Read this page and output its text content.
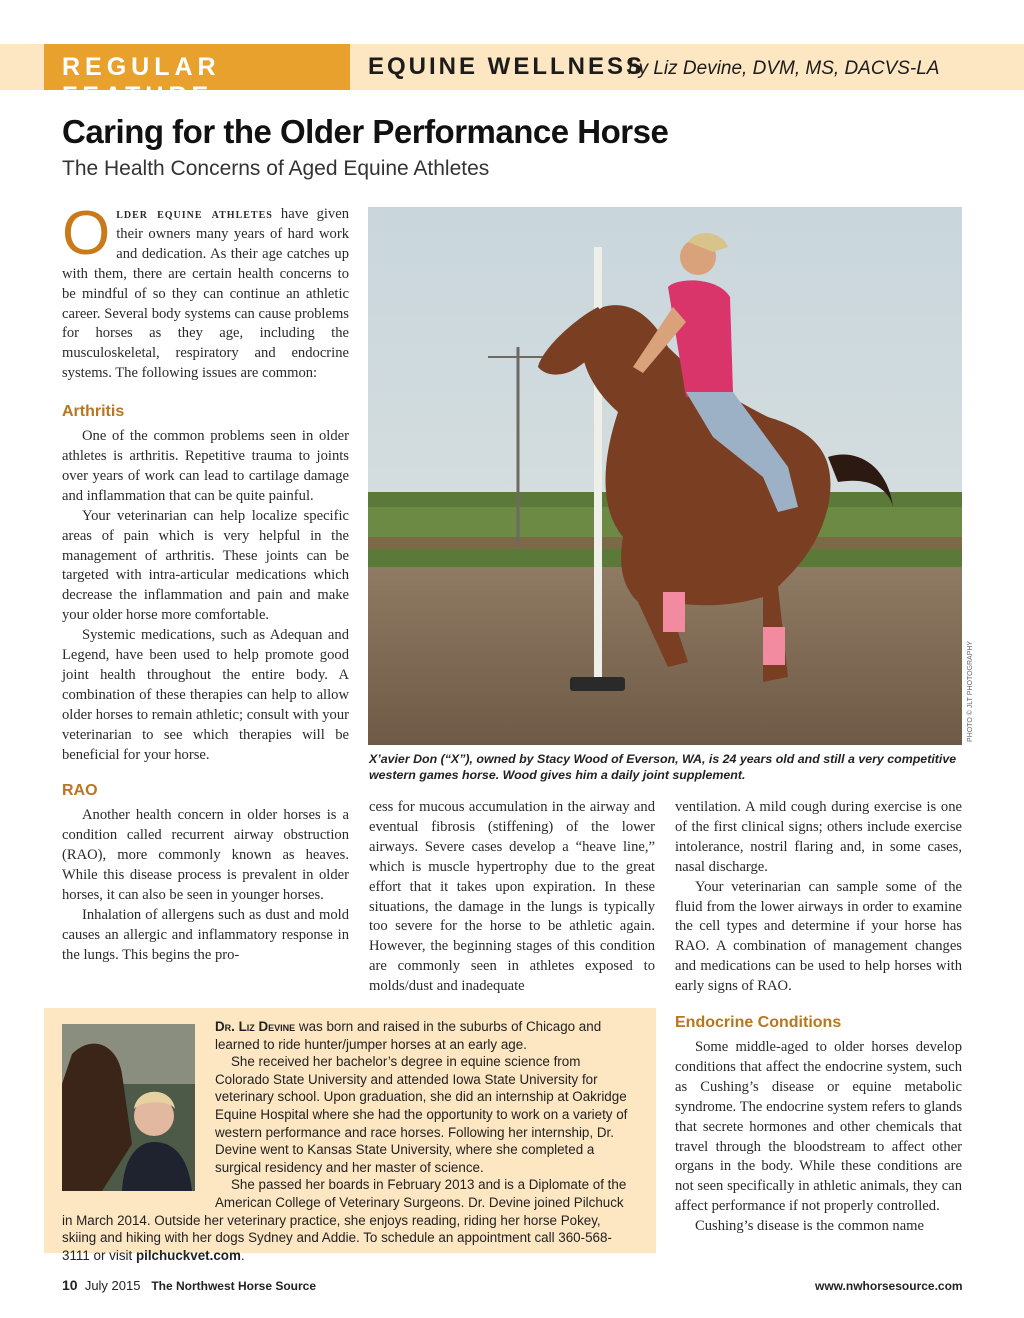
REGULAR FEATURE
EQUINE WELLNESS
by Liz Devine, DVM, MS, DACVS-LA
Caring for the Older Performance Horse
The Health Concerns of Aged Equine Athletes

Older equine athletes have given their owners many years of hard work and dedication. As their age catches up with them, there are certain health concerns to be mindful of so they can continue an athletic career. Several body systems can cause problems for horses as they age, including the musculoskeletal, respiratory and endocrine systems. The following issues are common:

Arthritis

One of the common problems seen in older athletes is arthritis. Repetitive trauma to joints over years of work can lead to cartilage damage and inflammation that can be quite painful.

Your veterinarian can help localize specific areas of pain which is very helpful in the management of arthritis. These joints can be targeted with intra-articular medications which decrease the inflammation and pain and make your older horse more comfortable.

Systemic medications, such as Adequan and Legend, have been used to help promote good joint health throughout the entire body. A combination of these therapies can help to allow older horses to remain athletic; consult with your veterinarian to see which therapies will be beneficial for your horse.

RAO

Another health concern in older horses is a condition called recurrent airway obstruction (RAO), more commonly known as heaves. While this disease process is prevalent in older horses, it can also be seen in younger horses.

Inhalation of allergens such as dust and mold causes an allergic and inflammatory response in the lungs. This begins the pro-

PHOTO © JLT PHOTOGRAPHY
X’avier Don (“X”), owned by Stacy Wood of Everson, WA, is 24 years old and still a very competitive western games horse. Wood gives him a daily joint supplement.

cess for mucous accumulation in the airway and eventual fibrosis (stiffening) of the lower airways. Severe cases develop a “heave line,” which is muscle hypertrophy due to the great effort that it takes upon expiration. In these situations, the damage in the lungs is typically too severe for the horse to be athletic again. However, the beginning stages of this condition are commonly seen in athletes exposed to molds/dust and inadequate

ventilation. A mild cough during exercise is one of the first clinical signs; others include exercise intolerance, nostril flaring and, in some cases, nasal discharge.

Your veterinarian can sample some of the fluid from the lower airways in order to examine the cell types and determine if your horse has RAO. A combination of management changes and medications can be used to help horses with early signs of RAO.

Endocrine Conditions

Some middle-aged to older horses develop conditions that affect the endocrine system, such as Cushing’s disease or equine metabolic syndrome. The endocrine system refers to glands that secrete hormones and other chemicals that travel through the bloodstream to affect other organs in the body. While these conditions are not seen specifically in athletic animals, they can affect performance if not properly controlled.

Cushing’s disease is the common name

Dr. Liz Devine was born and raised in the suburbs of Chicago and learned to ride hunter/jumper horses at an early age.

She received her bachelor’s degree in equine science from Colorado State University and attended Iowa State University for veterinary school. Upon graduation, she did an internship at Oakridge Equine Hospital where she had the opportunity to work on a variety of western performance and race horses. Following her internship, Dr. Devine went to Kansas State University, where she completed a surgical residency and her master of science.

She passed her boards in February 2013 and is a Diplomate of the American College of Veterinary Surgeons. Dr. Devine joined Pilchuck in March 2014. Outside her veterinary practice, she enjoys reading, riding her horse Pokey, skiing and hiking with her dogs Sydney and Addie. To schedule an appointment call 360-568-3111 or visit pilchuckvet.com.

10 July 2015 The Northwest Horse Source	www.nwhorsesource.com
